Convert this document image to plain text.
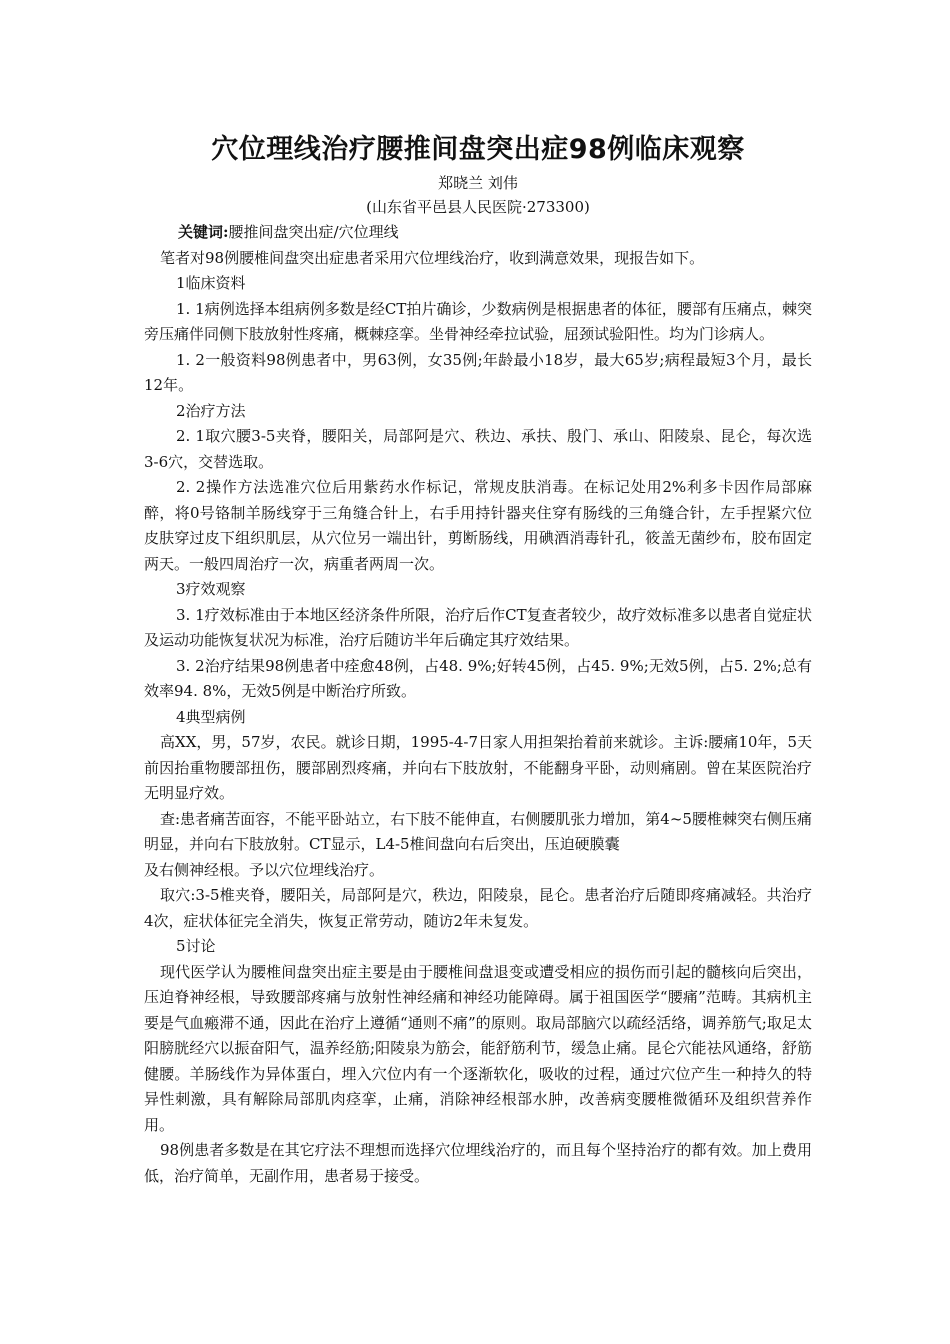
穴位理线治疗腰推间盘突出症98例临床观察
郑晓兰 刘伟
(山东省平邑县人民医院·273300)

关键词:腰推间盘突出症/穴位理线

笔者对98例腰椎间盘突出症患者采用穴位埋线治疗，收到满意效果，现报告如下。

1临床资料

1. 1病例选择本组病例多数是经CT拍片确诊，少数病例是根据患者的体征，腰部有压痛点，棘突旁压痛伴同侧下肢放射性疼痛，概棘痉挛。坐骨神经牵拉试验，屈颈试验阳性。均为门诊病人。

1. 2一般资料98例患者中，男63例，女35例;年龄最小18岁，最大65岁;病程最短3个月，最长12年。

2治疗方法

2. 1取穴腰3-5夹脊，腰阳关，局部阿是穴、秩边、承扶、殷门、承山、阳陵泉、昆仑，每次选3-6穴，交替选取。

2. 2操作方法选准穴位后用紫药水作标记，常规皮肤消毒。在标记处用2%利多卡因作局部麻醉，将0号铬制羊肠线穿于三角缝合针上，右手用持针器夹住穿有肠线的三角缝合针，左手捏紧穴位皮肤穿过皮下组织肌层，从穴位另一端出针，剪断肠线，用碘酒消毒针孔，筱盖无菌纱布，胶布固定两天。一般四周治疗一次，病重者两周一次。

3疗效观察

3. 1疗效标准由于本地区经济条件所限，治疗后作CT复查者较少，故疗效标准多以患者自觉症状及运动功能恢复状况为标准，治疗后随访半年后确定其疗效结果。

3. 2治疗结果98例患者中痊愈48例，占48. 9%;好转45例，占45. 9%;无效5例，占5. 2%;总有效率94. 8%，无效5例是中断治疗所致。

4典型病例

高XX，男，57岁，农民。就诊日期，1995-4-7日家人用担架抬着前来就诊。主诉:腰痛10年，5天前因抬重物腰部扭伤，腰部剧烈疼痛，并向右下肢放射，不能翻身平卧，动则痛剧。曾在某医院治疗无明显疗效。

查:患者痛苦面容，不能平卧站立，右下肢不能伸直，右侧腰肌张力增加，第4~5腰椎棘突右侧压痛明显，并向右下肢放射。CT显示，L4-5椎间盘向右后突出，压迫硬膜囊

及右侧神经根。予以穴位埋线治疗。

取穴:3-5椎夹脊，腰阳关，局部阿是穴，秩边，阳陵泉，昆仑。患者治疗后随即疼痛减轻。共治疗4次，症状体征完全消失，恢复正常劳动，随访2年未复发。

5讨论

现代医学认为腰椎间盘突出症主要是由于腰椎间盘退变或遭受相应的损伤而引起的髓核向后突出，压迫脊神经根，导致腰部疼痛与放射性神经痛和神经功能障碍。属于祖国医学“腰痛”范畴。其病机主要是气血瘢滞不通，因此在治疗上遵循“通则不痛”的原则。取局部脑穴以疏经活络，调养筋气;取足太阳膀胱经穴以振奋阳气，温养经筋;阳陵泉为筋会，能舒筋利节，缓急止痛。昆仑穴能祛风通络，舒筋健腰。羊肠线作为异体蛋白，埋入穴位内有一个逐渐软化，吸收的过程，通过穴位产生一种持久的特异性刺激，具有解除局部肌肉痉挛，止痛，消除神经根部水肿，改善病变腰椎微循环及组织营养作用。

98例患者多数是在其它疗法不理想而选择穴位埋线治疗的，而且每个坚持治疗的都有效。加上费用低，治疗简单，无副作用，患者易于接受。
